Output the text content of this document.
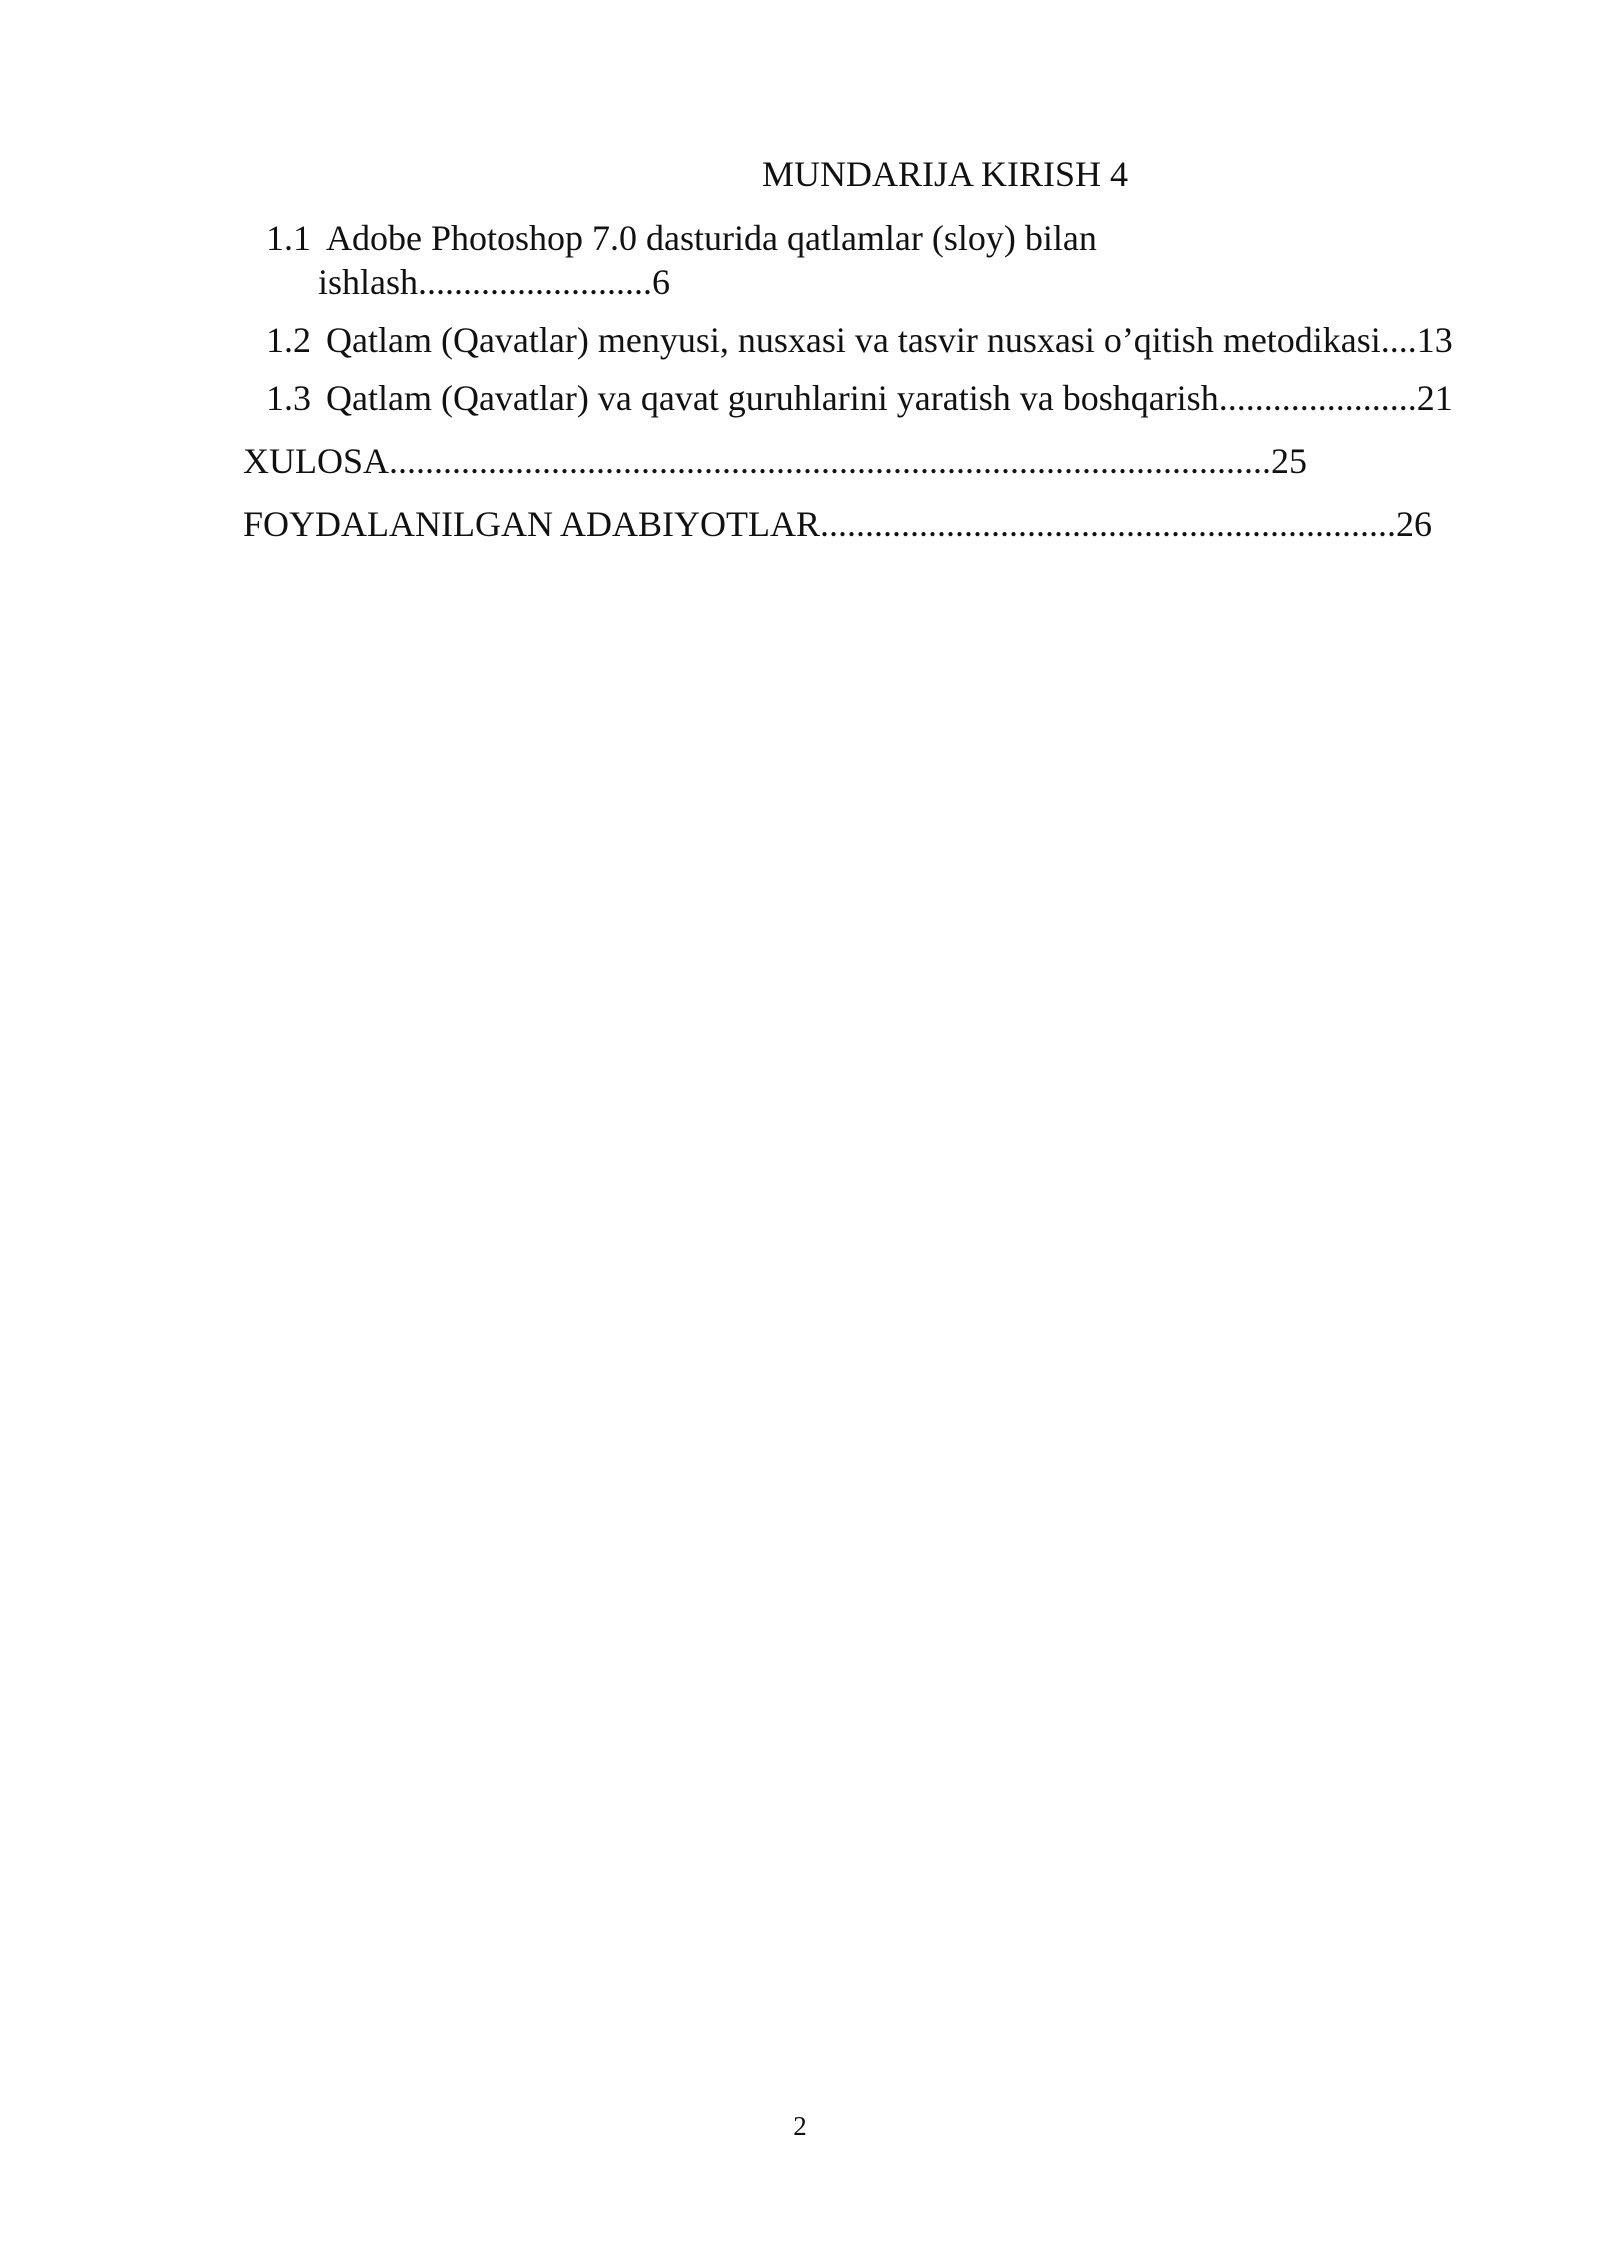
MUNDARIJA KIRISH 4
1.1 Adobe Photoshop 7.0 dasturida qatlamlar (sloy) bilan
ishlash..........................6
1.2 Qatlam (Qavatlar) menyusi, nusxasi va tasvir nusxasi o’qitish metodikasi....13
1.3 Qatlam (Qavatlar) va qavat guruhlarini yaratish va boshqarish......................21
XULOSA..................................................................................................25
FOYDALANILGAN ADABIYOTLAR................................................................26
2
